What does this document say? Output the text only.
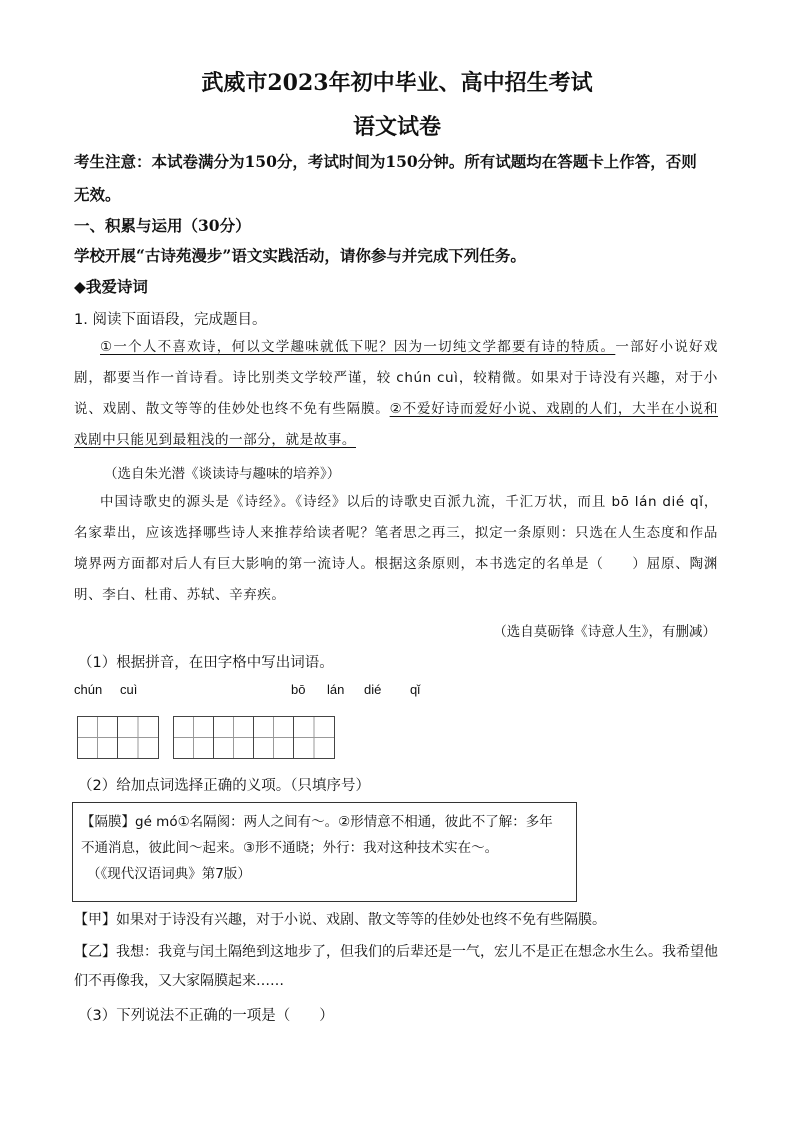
武威市2023年初中毕业、高中招生考试
语文试卷
考生注意：本试卷满分为150分，考试时间为150分钟。所有试题均在答题卡上作答，否则
无效。
一、积累与运用（30分）
学校开展“古诗苑漫步”语文实践活动，请你参与并完成下列任务。
◆我爱诗词
1. 阅读下面语段，完成题目。
①一个人不喜欢诗，何以文学趣味就低下呢？因为一切纯文学都要有诗的特质。一部好小说好戏剧，都要当作一首诗看。诗比别类文学较严谨，较 chún cuì，较精微。如果对于诗没有兴趣，对于小说、戏剧、散文等等的佳妙处也终不免有些隔膜。②不爱好诗而爱好小说、戏剧的人们，大半在小说和戏剧中只能见到最粗浅的一部分，就是故事。
（选自朱光潜《谈读诗与趣味的培养》）
中国诗歌史的源头是《诗经》。《诗经》以后的诗歌史百派九流，千汇万状，而且 bō lán dié qǐ，名家辈出，应该选择哪些诗人来推荐给读者呢？笔者思之再三，拟定一条原则：只选在人生态度和作品境界两方面都对后人有巨大影响的第一流诗人。根据这条原则，本书选定的名单是（　　）屈原、陶渊明、李白、杜甫、苏轼、辛弃疾。
（选自莫砺锋《诗意人生》，有删减）
（1）根据拼音，在田字格中写出词语。
chún cuì	bō lán dié qǐ
（2）给加点词选择正确的义项。（只填序号）
【隔膜】gé mó①名隔阂：两人之间有～。②形情意不相通，彼此不了解：多年
不通消息，彼此间～起来。③形不通晓；外行：我对这种技术实在～。
（《现代汉语词典》第7版）
【甲】如果对于诗没有兴趣，对于小说、戏剧、散文等等的佳妙处也终不免有些隔膜。
【乙】我想：我竟与闰土隔绝到这地步了，但我们的后辈还是一气，宏儿不是正在想念水生么。我希望他们不再像我，又大家隔膜起来……
（3）下列说法不正确的一项是（　　）
